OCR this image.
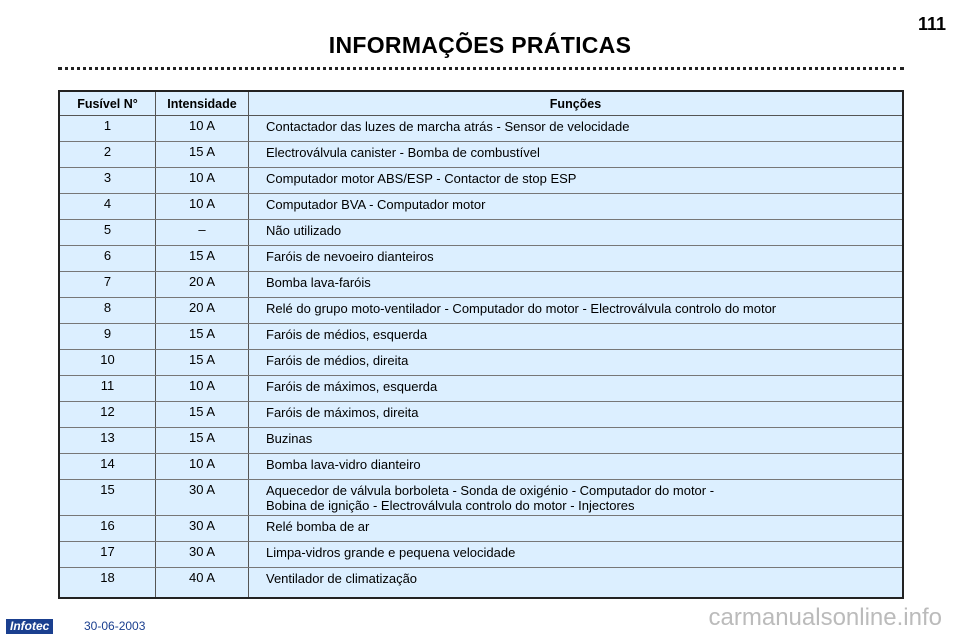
111
INFORMAÇÕES PRÁTICAS
Fusível N°	Intensidade	Funções
1	10 A	Contactador das luzes de marcha atrás - Sensor de velocidade
2	15 A	Electroválvula canister - Bomba de combustível
3	10 A	Computador motor ABS/ESP - Contactor de stop ESP
4	10 A	Computador BVA - Computador motor
5	–	Não utilizado
6	15 A	Faróis de nevoeiro dianteiros
7	20 A	Bomba lava-faróis
8	20 A	Relé do grupo moto-ventilador - Computador do motor - Electroválvula controlo do motor
9	15 A	Faróis de médios, esquerda
10	15 A	Faróis de médios, direita
11	10 A	Faróis de máximos, esquerda
12	15 A	Faróis de máximos, direita
13	15 A	Buzinas
14	10 A	Bomba lava-vidro dianteiro
15	30 A	Aquecedor de válvula borboleta - Sonda de oxigénio - Computador do motor -
Bobina de ignição - Electroválvula controlo do motor - Injectores
16	30 A	Relé bomba de ar
17	30 A	Limpa-vidros grande e pequena velocidade
18	40 A	Ventilador de climatização
Infotec	30-06-2003	carmanualsonline.info
